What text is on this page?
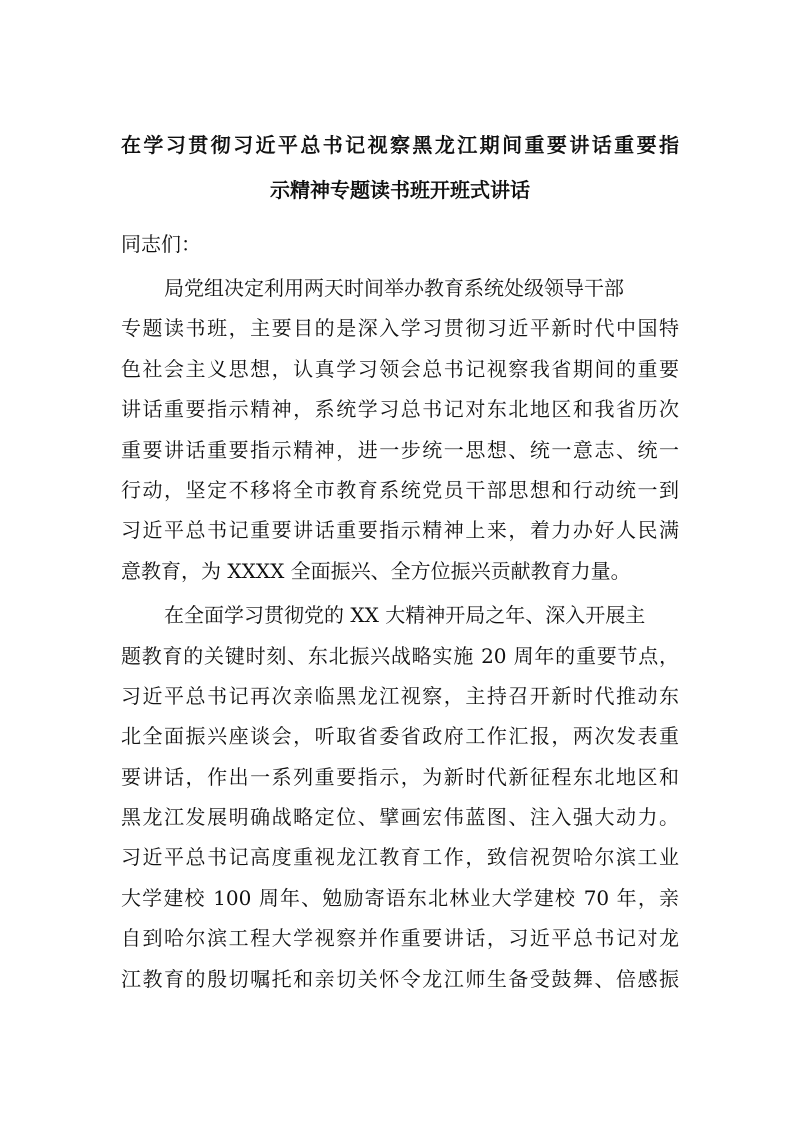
在学习贯彻习近平总书记视察黑龙江期间重要讲话重要指
示精神专题读书班开班式讲话
同志们：
局党组决定利用两天时间举办教育系统处级领导干部
专题读书班，主要目的是深入学习贯彻习近平新时代中国特
色社会主义思想，认真学习领会总书记视察我省期间的重要
讲话重要指示精神，系统学习总书记对东北地区和我省历次
重要讲话重要指示精神，进一步统一思想、统一意志、统一
行动，坚定不移将全市教育系统党员干部思想和行动统一到
习近平总书记重要讲话重要指示精神上来，着力办好人民满
意教育，为 XXXX 全面振兴、全方位振兴贡献教育力量。
在全面学习贯彻党的 XX 大精神开局之年、深入开展主
题教育的关键时刻、东北振兴战略实施 20 周年的重要节点，
习近平总书记再次亲临黑龙江视察，主持召开新时代推动东
北全面振兴座谈会，听取省委省政府工作汇报，两次发表重
要讲话，作出一系列重要指示，为新时代新征程东北地区和
黑龙江发展明确战略定位、擘画宏伟蓝图、注入强大动力。
习近平总书记高度重视龙江教育工作，致信祝贺哈尔滨工业
大学建校 100 周年、勉励寄语东北林业大学建校 70 年，亲
自到哈尔滨工程大学视察并作重要讲话，习近平总书记对龙
江教育的殷切嘱托和亲切关怀令龙江师生备受鼓舞、倍感振
